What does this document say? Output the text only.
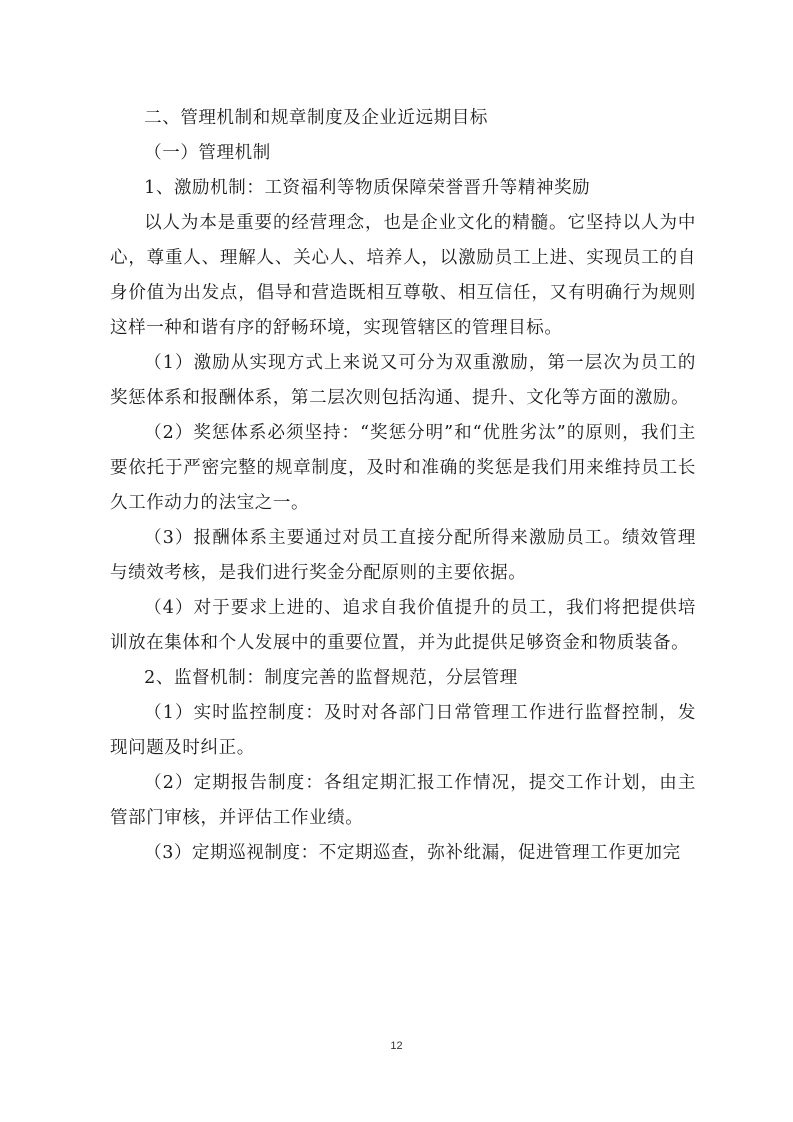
二、管理机制和规章制度及企业近远期目标

（一）管理机制

1、激励机制：工资福利等物质保障荣誉晋升等精神奖励

以人为本是重要的经营理念，也是企业文化的精髓。它坚持以人为中心，尊重人、理解人、关心人、培养人，以激励员工上进、实现员工的自身价值为出发点，倡导和营造既相互尊敬、相互信任，又有明确行为规则这样一种和谐有序的舒畅环境，实现管辖区的管理目标。

（1）激励从实现方式上来说又可分为双重激励，第一层次为员工的奖惩体系和报酬体系，第二层次则包括沟通、提升、文化等方面的激励。

（2）奖惩体系必须坚持：“奖惩分明”和“优胜劣汰”的原则，我们主要依托于严密完整的规章制度，及时和准确的奖惩是我们用来维持员工长久工作动力的法宝之一。

（3）报酬体系主要通过对员工直接分配所得来激励员工。绩效管理与绩效考核，是我们进行奖金分配原则的主要依据。

（4）对于要求上进的、追求自我价值提升的员工，我们将把提供培训放在集体和个人发展中的重要位置，并为此提供足够资金和物质装备。

2、监督机制：制度完善的监督规范，分层管理

（1）实时监控制度：及时对各部门日常管理工作进行监督控制，发现问题及时纠正。

（2）定期报告制度：各组定期汇报工作情况，提交工作计划，由主管部门审核，并评估工作业绩。

（3）定期巡视制度：不定期巡查，弥补纰漏，促进管理工作更加完

12
